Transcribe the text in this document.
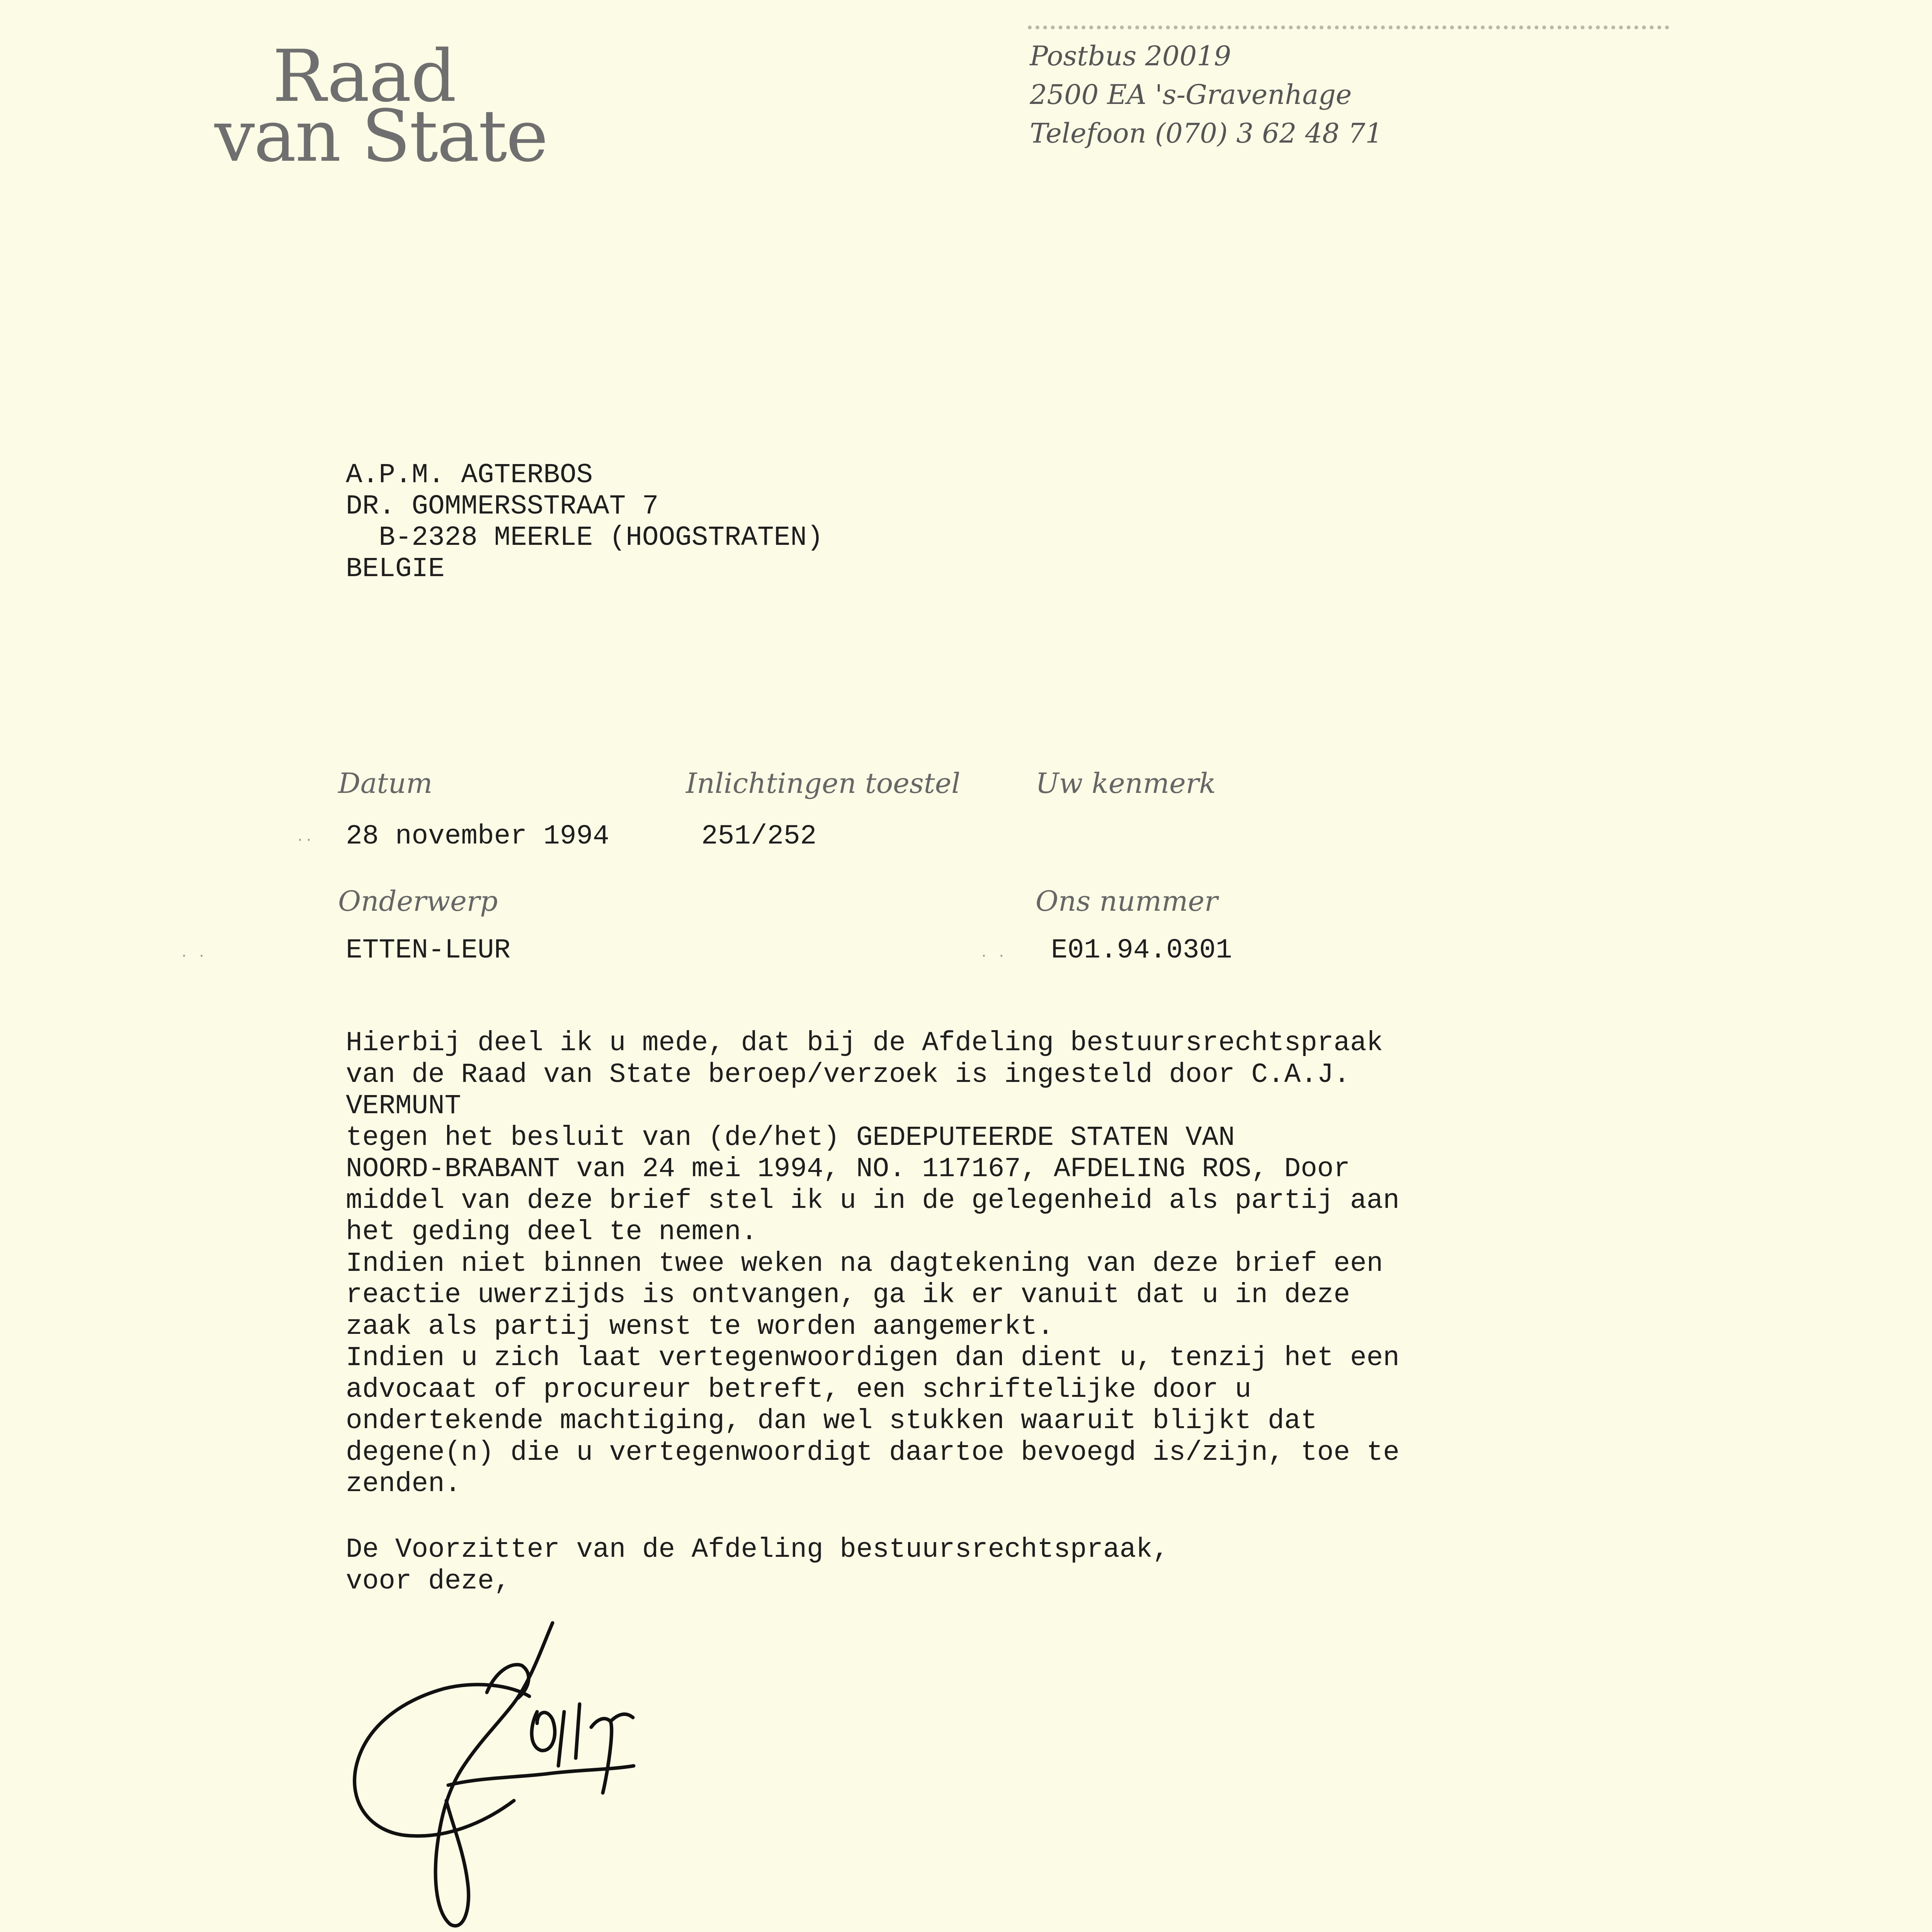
Raad
van State
Postbus 20019
2500 EA 's-Gravenhage
Telefoon (070) 3 62 48 71
A.P.M. AGTERBOS
DR. GOMMERSSTRAAT 7
B-2328 MEERLE (HOOGSTRATEN)
BELGIE
Datum	Inlichtingen toestel	Uw kenmerk
28 november 1994	251/252
Onderwerp	Ons nummer
ETTEN-LEUR	E01.94.0301
..
. .	. .
Hierbij deel ik u mede, dat bij de Afdeling bestuursrechtspraak
van de Raad van State beroep/verzoek is ingesteld door C.A.J.
VERMUNT
tegen het besluit van (de/het) GEDEPUTEERDE STATEN VAN
NOORD-BRABANT van 24 mei 1994, NO. 117167, AFDELING ROS, Door
middel van deze brief stel ik u in de gelegenheid als partij aan
het geding deel te nemen.
Indien niet binnen twee weken na dagtekening van deze brief een
reactie uwerzijds is ontvangen, ga ik er vanuit dat u in deze
zaak als partij wenst te worden aangemerkt.
Indien u zich laat vertegenwoordigen dan dient u, tenzij het een
advocaat of procureur betreft, een schriftelijke door u
ondertekende machtiging, dan wel stukken waaruit blijkt dat
degene(n) die u vertegenwoordigt daartoe bevoegd is/zijn, toe te
zenden.
De Voorzitter van de Afdeling bestuursrechtspraak,
voor deze,
